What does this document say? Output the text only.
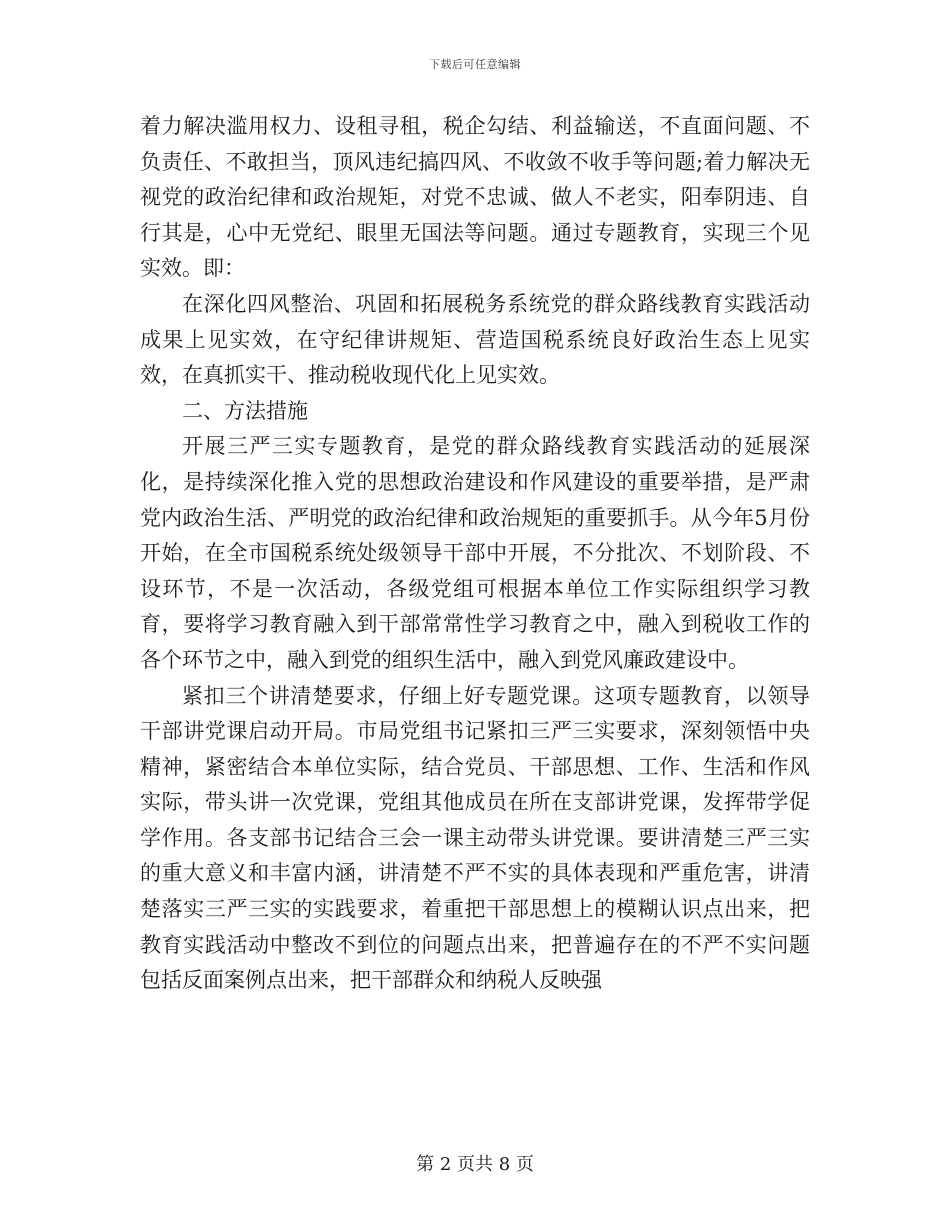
下载后可任意编辑

着力解决滥用权力、设租寻租，税企勾结、利益输送，不直面问题、不负责任、不敢担当，顶风违纪搞四风、不收敛不收手等问题;着力解决无视党的政治纪律和政治规矩，对党不忠诚、做人不老实，阳奉阴违、自行其是，心中无党纪、眼里无国法等问题。通过专题教育，实现三个见实效。即：

在深化四风整治、巩固和拓展税务系统党的群众路线教育实践活动成果上见实效，在守纪律讲规矩、营造国税系统良好政治生态上见实效，在真抓实干、推动税收现代化上见实效。

二、方法措施

开展三严三实专题教育，是党的群众路线教育实践活动的延展深化，是持续深化推入党的思想政治建设和作风建设的重要举措，是严肃党内政治生活、严明党的政治纪律和政治规矩的重要抓手。从今年5月份开始，在全市国税系统处级领导干部中开展，不分批次、不划阶段、不设环节，不是一次活动，各级党组可根据本单位工作实际组织学习教育，要将学习教育融入到干部常常性学习教育之中，融入到税收工作的各个环节之中，融入到党的组织生活中，融入到党风廉政建设中。

紧扣三个讲清楚要求，仔细上好专题党课。这项专题教育，以领导干部讲党课启动开局。市局党组书记紧扣三严三实要求，深刻领悟中央精神，紧密结合本单位实际，结合党员、干部思想、工作、生活和作风实际，带头讲一次党课，党组其他成员在所在支部讲党课，发挥带学促学作用。各支部书记结合三会一课主动带头讲党课。要讲清楚三严三实的重大意义和丰富内涵，讲清楚不严不实的具体表现和严重危害，讲清楚落实三严三实的实践要求，着重把干部思想上的模糊认识点出来，把教育实践活动中整改不到位的问题点出来，把普遍存在的不严不实问题包括反面案例点出来，把干部群众和纳税人反映强

第 2 页共 8 页
